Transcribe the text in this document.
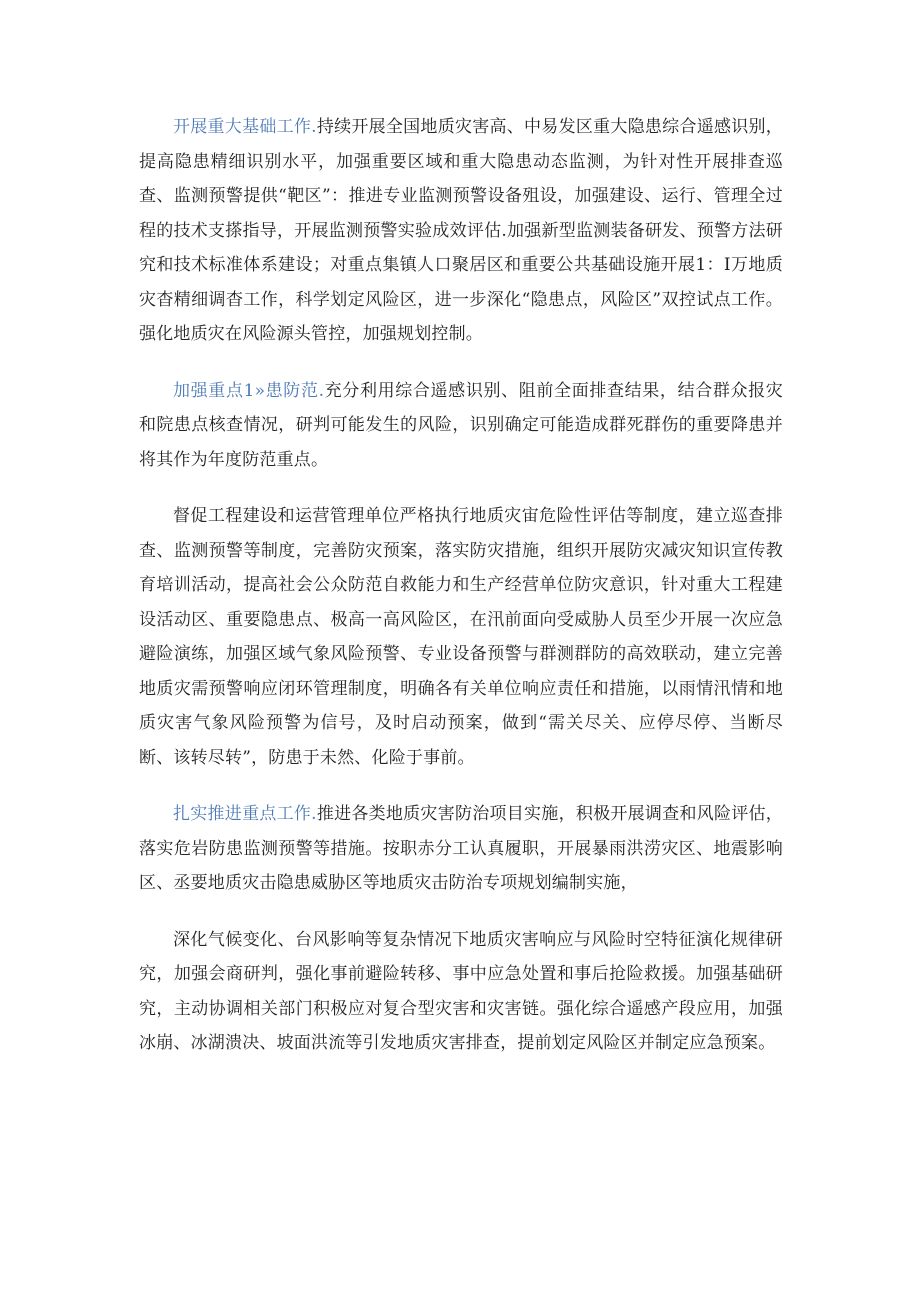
开展重大基础工作.持续开展全国地质灾害高、中易发区重大隐患综合遥感识别，提高隐患精细识别水平，加强重要区域和重大隐患动态监测，为针对性开展排查巡查、监测预警提供“靶区”：推进专业监测预警设备殂设，加强建设、运行、管理全过程的技术支搽指导，开展监测预警实验成效评估.加强新型监测装备研发、预警方法研究和技术标准体系建设；对重点集镇人口聚居区和重要公共基础设施开展1：I万地质灾杳精细调杳工作，科学划定风险区，进一步深化“隐患点，风险区”双控试点工作。强化地质灾在风险源头管控，加强规划控制。

加强重点1»患防范.充分利用综合遥感识别、阻前全面排查结果，结合群众报灾和院患点核查情况，研判可能发生的风险，识别确定可能造成群死群伤的重要降患并将其作为年度防范重点。

督促工程建设和运营管理单位严格执行地质灾宙危险性评估等制度，建立巡查排查、监测预警等制度，完善防灾预案，落实防灾措施，组织开展防灾减灾知识宣传教育培训活动，提高社会公众防范自救能力和生产经营单位防灾意识，针对重大工程建设活动区、重要隐患点、极高一高风险区，在汛前面向受威胁人员至少开展一次应急避险演练，加强区域气象风险预警、专业设备预警与群测群防的高效联动，建立完善地质灾需预警响应闭环管理制度，明确各有关单位响应责任和措施，以雨情汛情和地质灾害气象风险预警为信号，及时启动预案，做到“需关尽关、应停尽停、当断尽断、该转尽转”，防患于未然、化险于事前。

扎实推进重点工作.推进各类地质灾害防治项目实施，积极开展调查和风险评估，落实危岩防患监测预警等措施。按职赤分工认真履职，开展暴雨洪涝灾区、地震影响区、丞要地质灾击隐患威胁区等地质灾击防治专项规划编制实施，

深化气候变化、台风影响等复杂情况下地质灾害响应与风险时空特征演化规律研究，加强会商研判，强化事前避险转移、事中应急处置和事后抢险救援。加强基础研究，主动协调相关部门积极应对复合型灾害和灾害链。强化综合遥感产段应用，加强冰崩、冰湖溃决、坡面洪流等引发地质灾害排查，提前划定风险区并制定应急预案。
